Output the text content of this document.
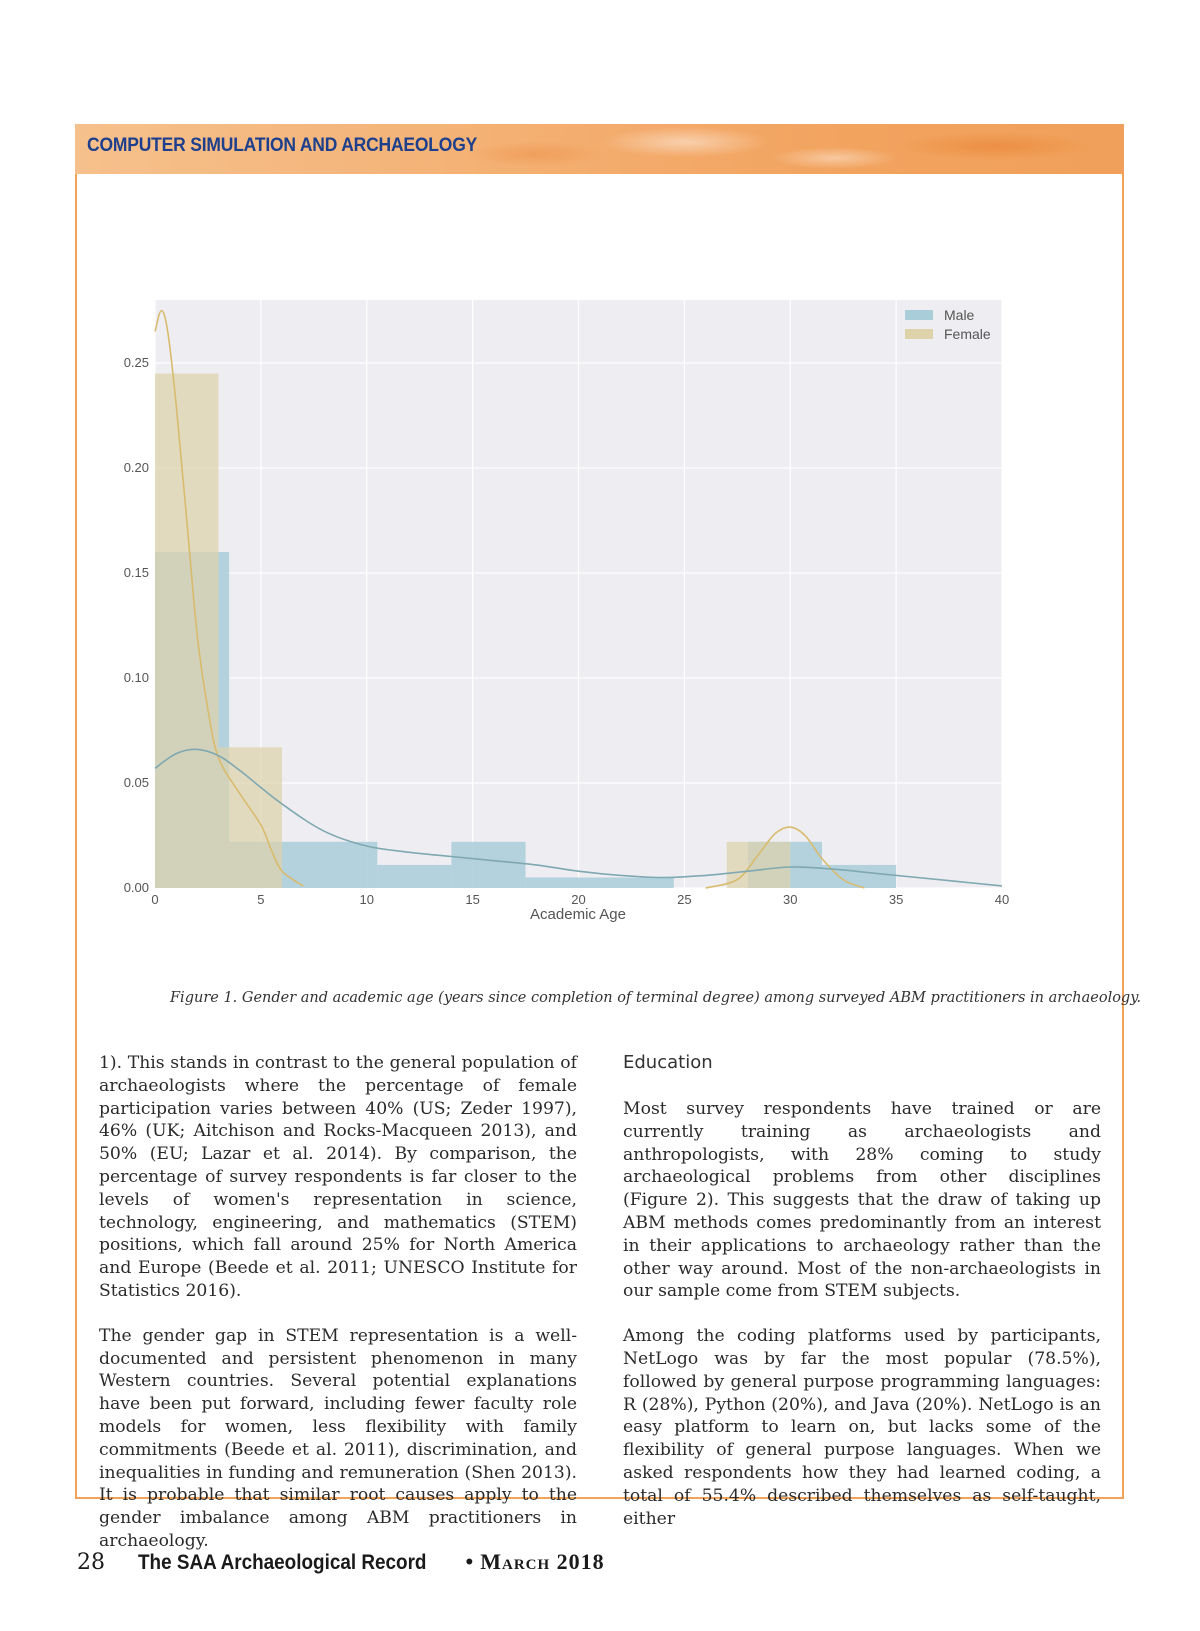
COMPUTER SIMULATION AND ARCHAEOLOGY
0.00
0.05
0.10
0.15
0.20
0.25
0	5	10	15	20	25	30	35	40
Academic Age
Male
Female
Figure 1. Gender and academic age (years since completion of terminal degree) among surveyed ABM practitioners in archaeology.

1). This stands in contrast to the general population of archaeologists where the percentage of female participation varies between 40% (US; Zeder 1997), 46% (UK; Aitchison and Rocks-Macqueen 2013), and 50% (EU; Lazar et al. 2014). By comparison, the percentage of survey respondents is far closer to the levels of women's representation in science, technology, engineering, and mathematics (STEM) positions, which fall around 25% for North America and Europe (Beede et al. 2011; UNESCO Institute for Statistics 2016).

The gender gap in STEM representation is a well-documented and persistent phenomenon in many Western countries. Several potential explanations have been put forward, including fewer faculty role models for women, less flexibility with family commitments (Beede et al. 2011), discrimination, and inequalities in funding and remuneration (Shen 2013). It is probable that similar root causes apply to the gender imbalance among ABM practitioners in archaeology.

Education

Most survey respondents have trained or are currently training as archaeologists and anthropologists, with 28% coming to study archaeological problems from other disciplines (Figure 2). This suggests that the draw of taking up ABM methods comes predominantly from an interest in their applications to archaeology rather than the other way around. Most of the non-archaeologists in our sample come from STEM subjects.

Among the coding platforms used by participants, NetLogo was by far the most popular (78.5%), followed by general purpose programming languages: R (28%), Python (20%), and Java (20%). NetLogo is an easy platform to learn on, but lacks some of the flexibility of general purpose languages. When we asked respondents how they had learned coding, a total of 55.4% described themselves as self-taught, either

28 The SAA Archaeological Record • March 2018
